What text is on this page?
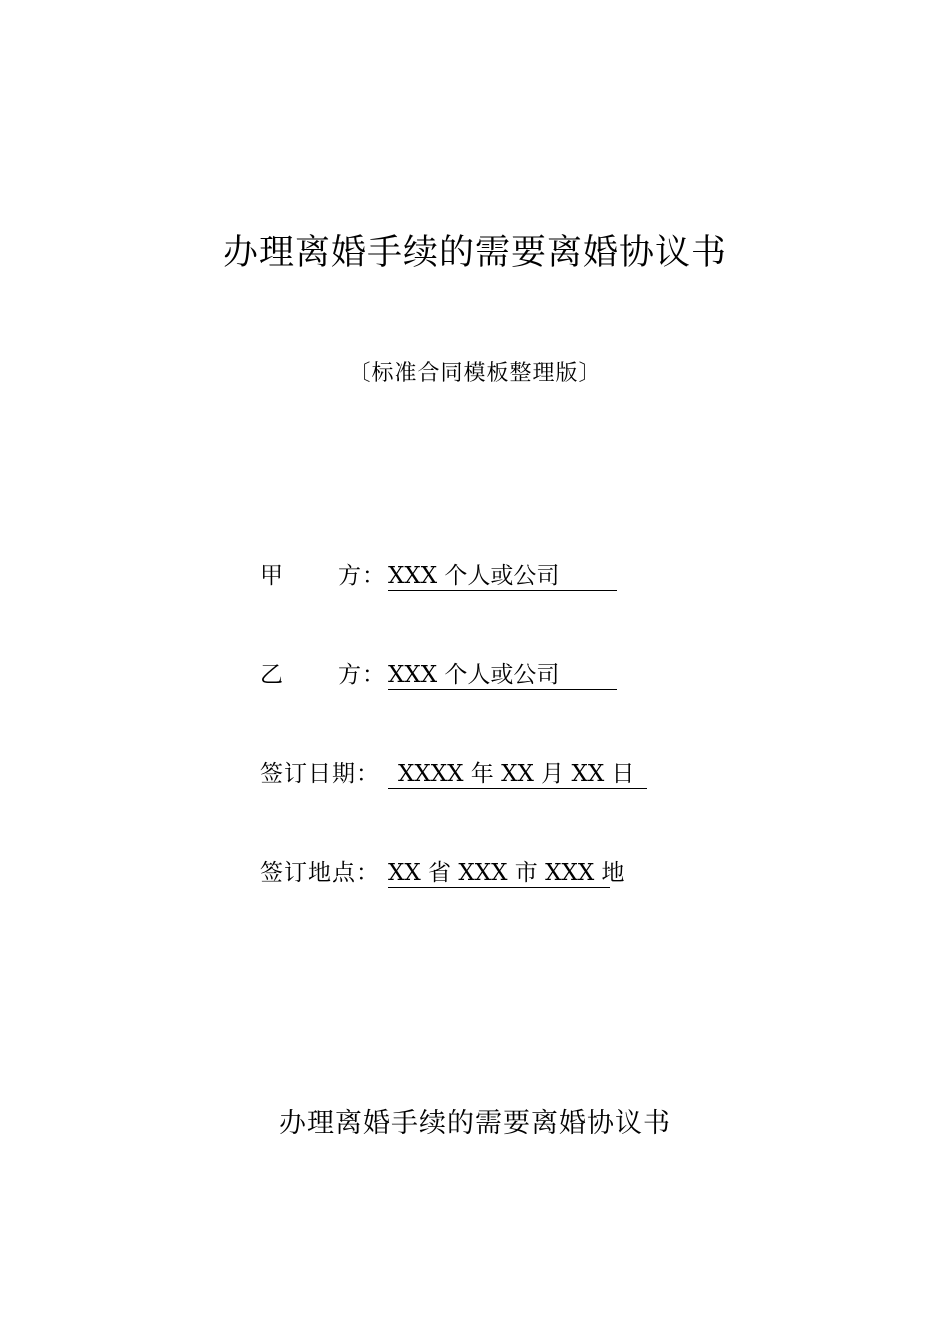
办理离婚手续的需要离婚协议书
〔标准合同模板整理版〕
甲 方：XXX 个人或公司
乙 方：XXX 个人或公司
签订日期： XXXX 年 XX 月 XX 日
签订地点： XX 省 XXX 市 XXX 地
办理离婚手续的需要离婚协议书
